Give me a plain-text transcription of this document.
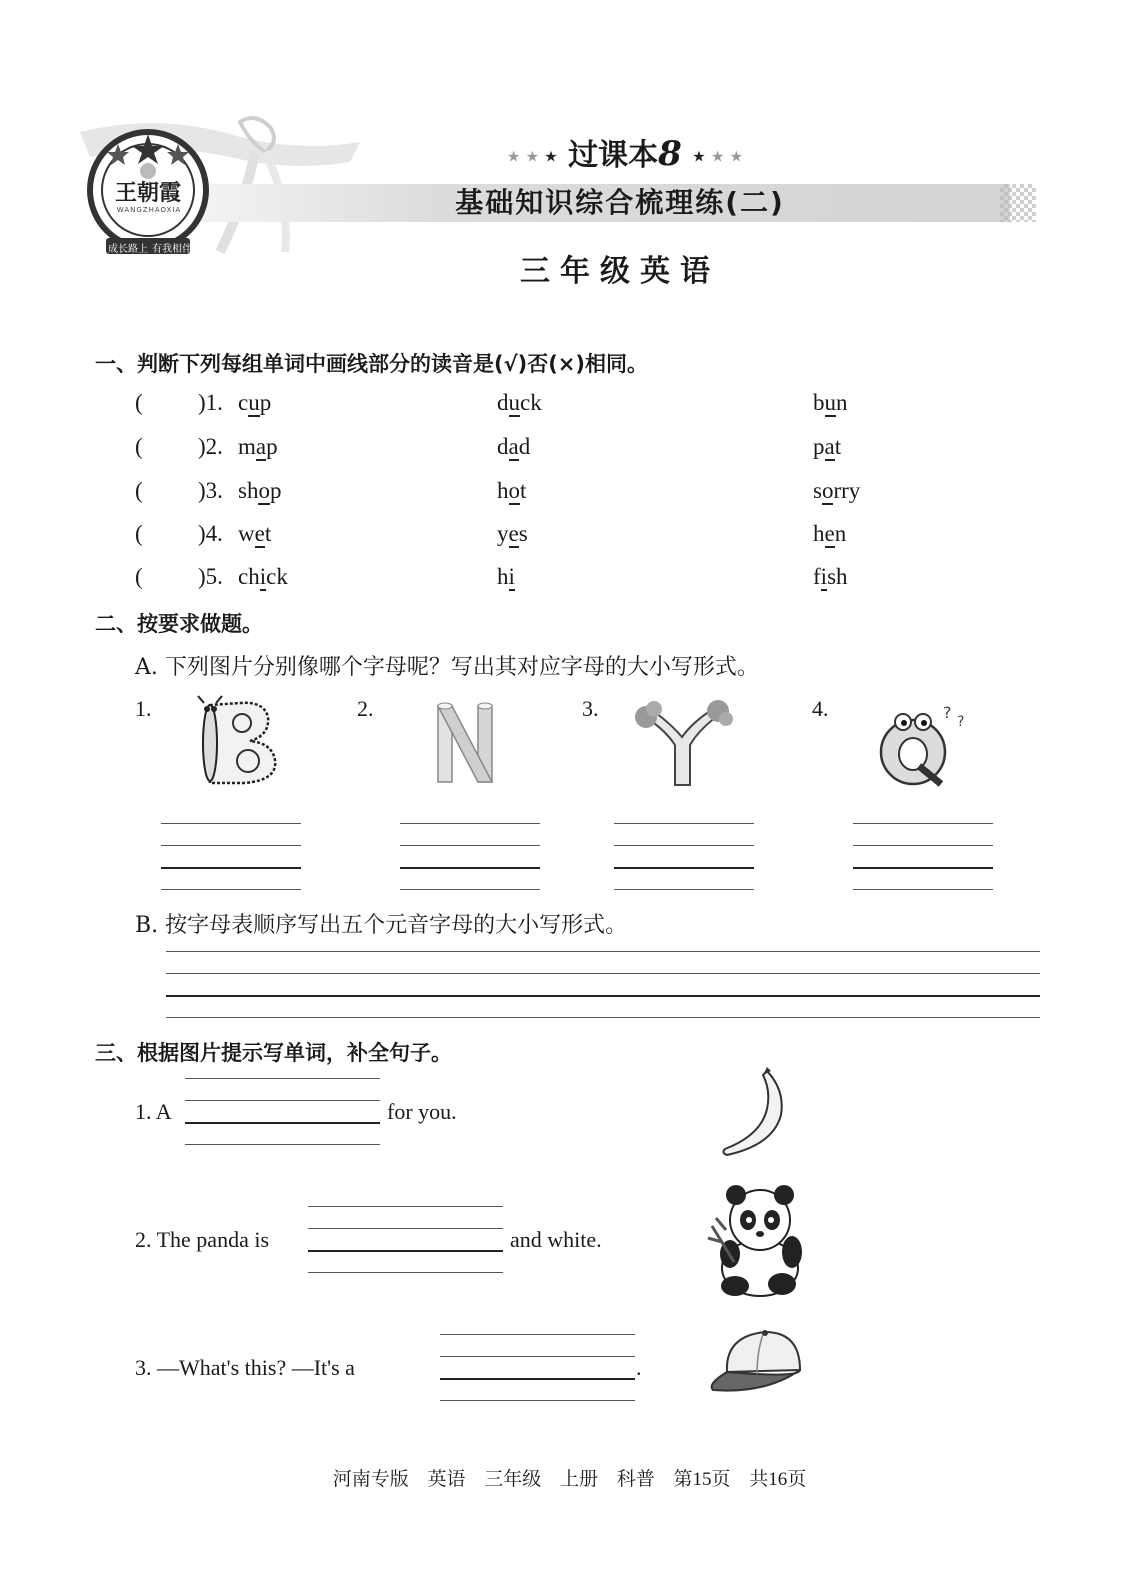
王朝霞
成长路上 有我相伴
WANGZHAOXIA
★ ★ ★ 过课本8 ★ ★ ★
基础知识综合梳理练(二)
三年级英语
一、判断下列每组单词中画线部分的读音是(√)否(×)相同。
( )1. cup	duck	bun
( )2. map	dad	pat
( )3. shop	hot	sorry
( )4. wet	yes	hen
( )5. chick	hi	fish
二、按要求做题。
A. 下列图片分别像哪个字母呢？写出其对应字母的大小写形式。
1.	2.	3.	4.	? ?
B. 按字母表顺序写出五个元音字母的大小写形式。
三、根据图片提示写单词，补全句子。
1. A	for you.
2. The panda is	and white.
3. —What's this? —It's a	.
河南专版 英语 三年级 上册 科普 第15页 共16页
